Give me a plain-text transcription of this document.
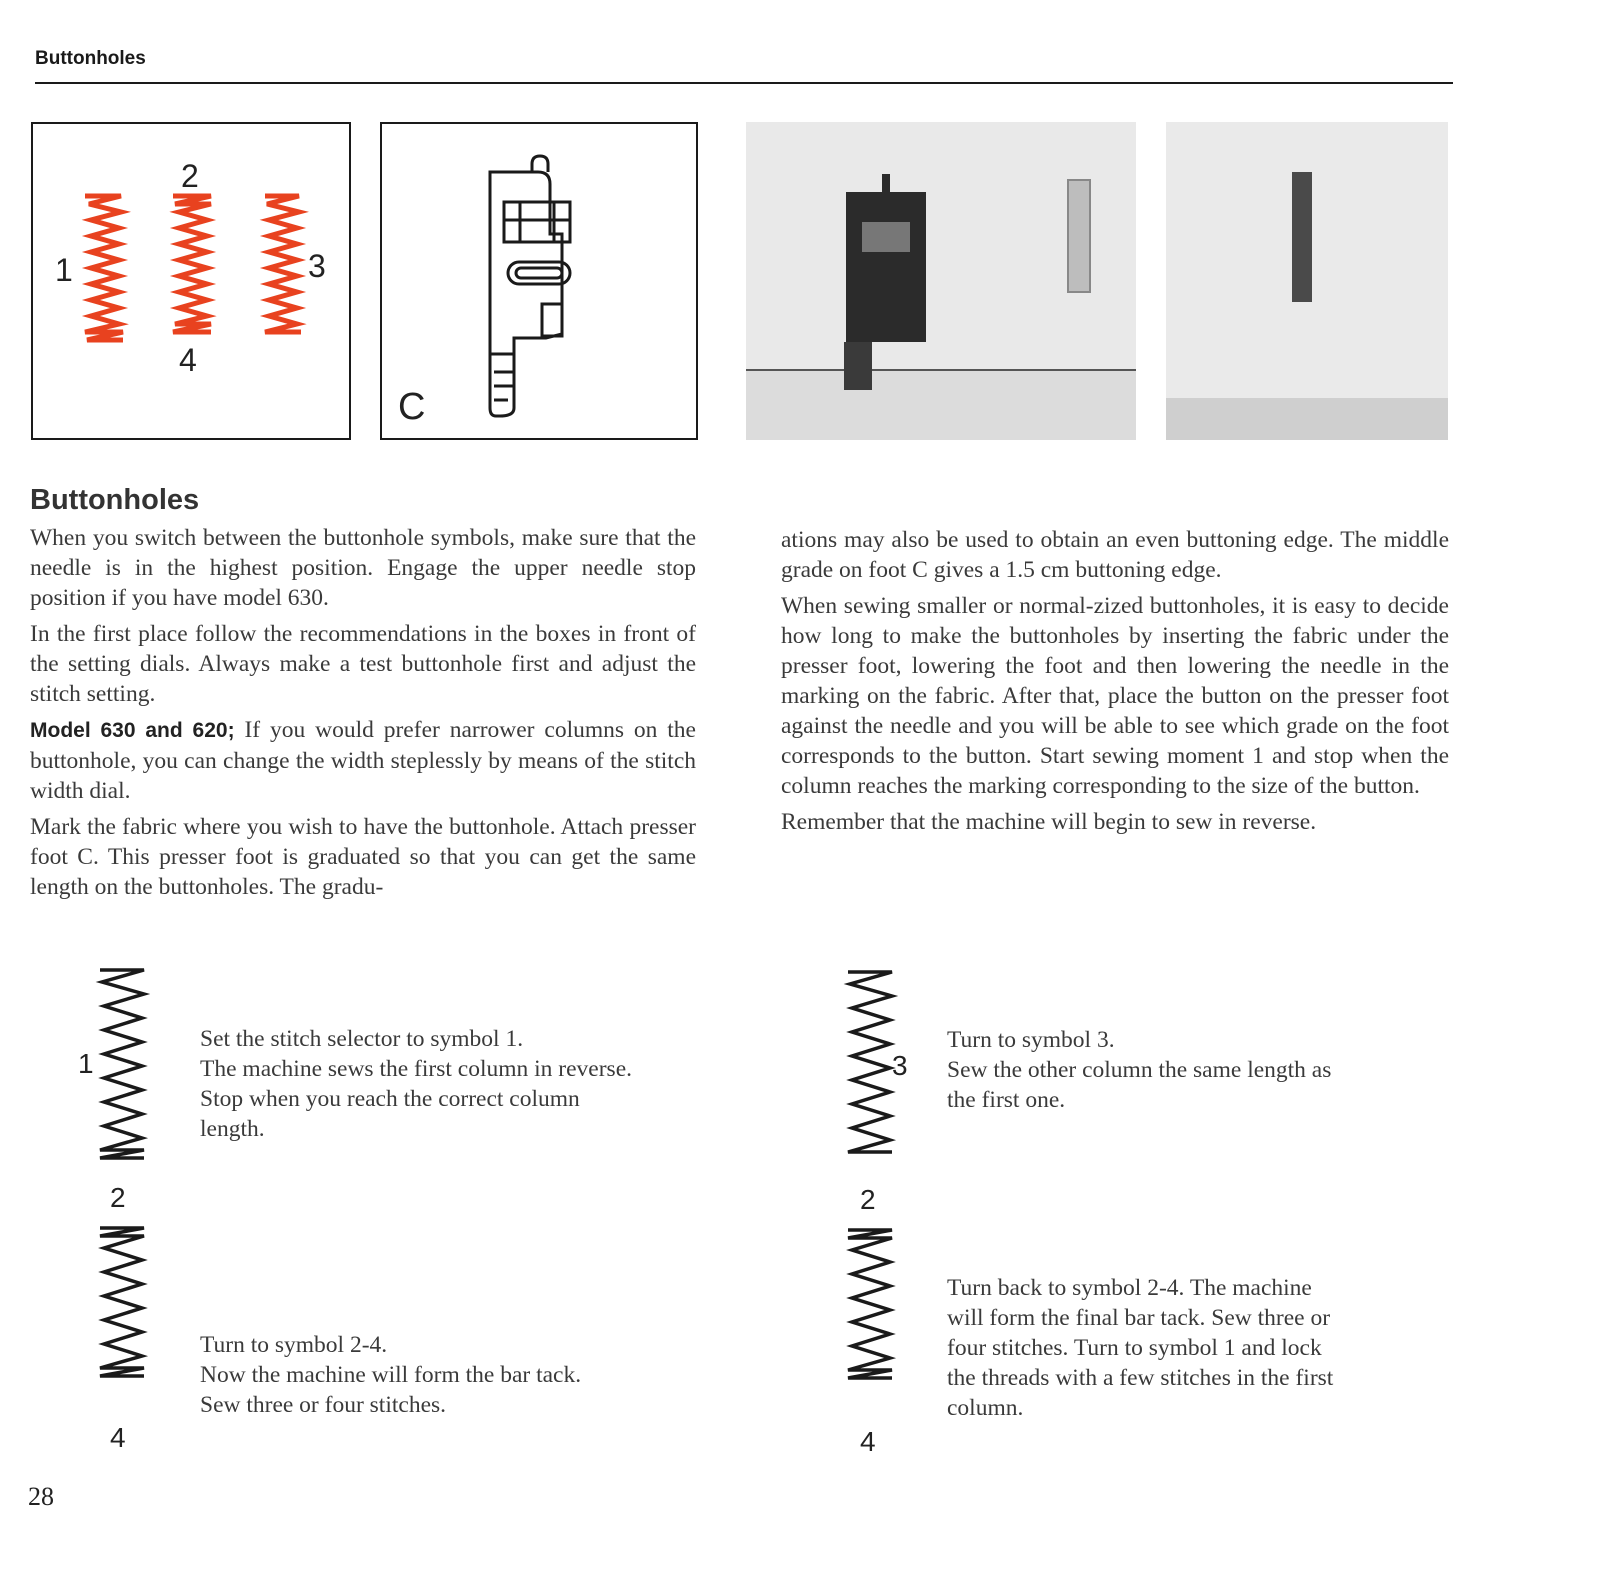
Buttonholes
1
2
3
4
C
Buttonholes

When you switch between the buttonhole symbols, make sure that the needle is in the highest position. Engage the upper needle stop position if you have model 630.

In the first place follow the recommendations in the boxes in front of the setting dials. Always make a test buttonhole first and adjust the stitch setting.

Model 630 and 620; If you would prefer narrower columns on the buttonhole, you can change the width steplessly by means of the stitch width dial.

Mark the fabric where you wish to have the buttonhole. Attach presser foot C. This presser foot is graduated so that you can get the same length on the buttonholes. The gradu-

ations may also be used to obtain an even buttoning edge. The middle grade on foot C gives a 1.5 cm buttoning edge.

When sewing smaller or normal-zized buttonholes, it is easy to decide how long to make the buttonholes by inserting the fabric under the presser foot, lowering the foot and then lowering the needle in the marking on the fabric. After that, place the button on the presser foot against the needle and you will be able to see which grade on the foot corresponds to the button. Start sewing moment 1 and stop when the column reaches the marking corresponding to the size of the button.

Remember that the machine will begin to sew in reverse.

1
2
4
3
2
4
Set the stitch selector to symbol 1.
The machine sews the first column in reverse.
Stop when you reach the correct column
length.
Turn to symbol 2-4.
Now the machine will form the bar tack.
Sew three or four stitches.
Turn to symbol 3.
Sew the other column the same length as
the first one.
Turn back to symbol 2-4. The machine
will form the final bar tack. Sew three or
four stitches. Turn to symbol 1 and lock
the threads with a few stitches in the first
column.
28
